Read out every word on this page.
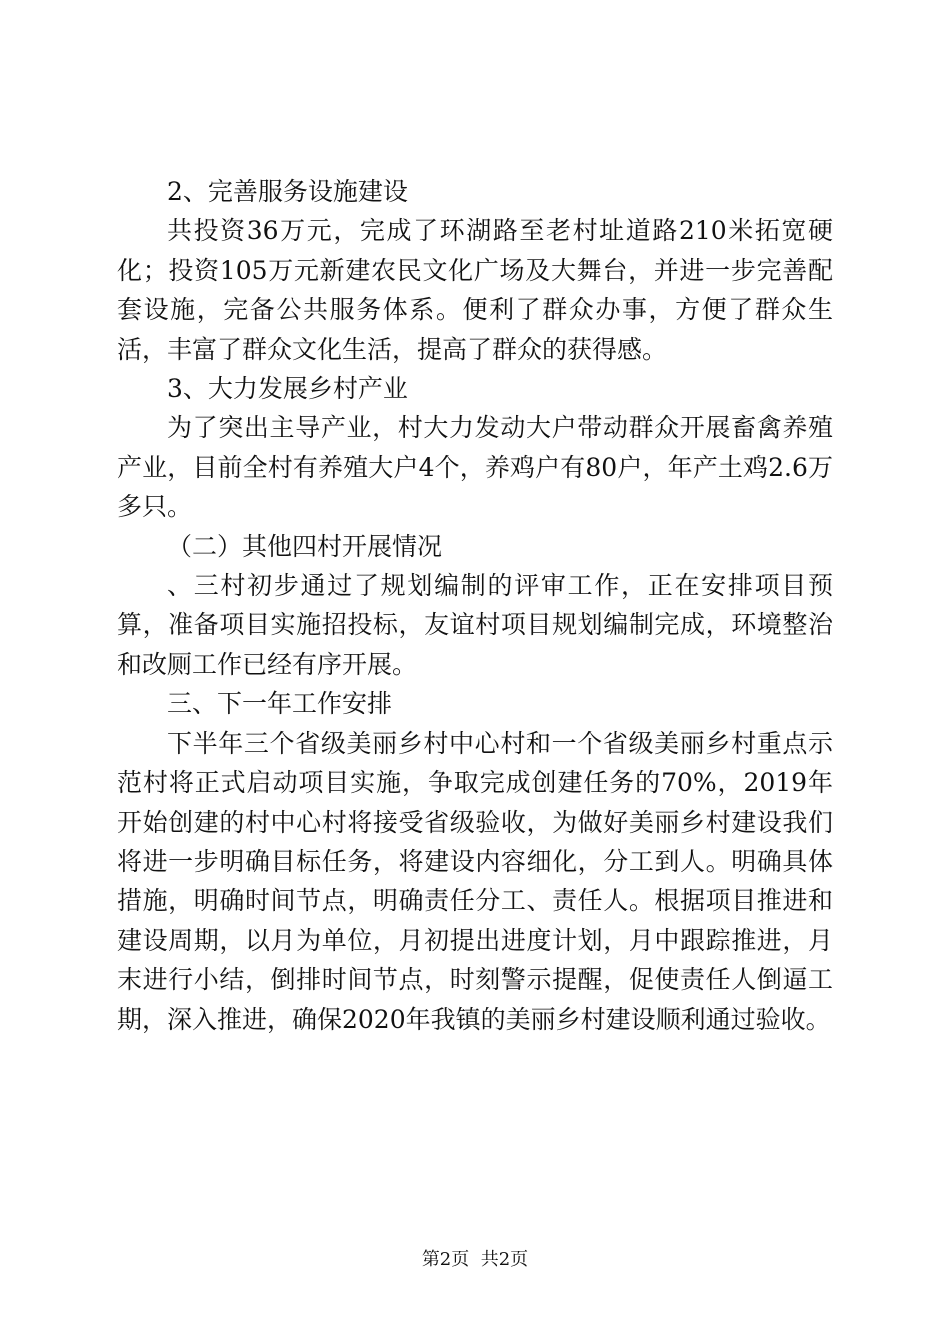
2、完善服务设施建设

共投资36万元，完成了环湖路至老村址道路210米拓宽硬化；投资105万元新建农民文化广场及大舞台，并进一步完善配套设施，完备公共服务体系。便利了群众办事，方便了群众生活，丰富了群众文化生活，提高了群众的获得感。

3、大力发展乡村产业

为了突出主导产业，村大力发动大户带动群众开展畜禽养殖产业，目前全村有养殖大户4个，养鸡户有80户，年产土鸡2.6万多只。

（二）其他四村开展情况

、三村初步通过了规划编制的评审工作，正在安排项目预算，准备项目实施招投标，友谊村项目规划编制完成，环境整治和改厕工作已经有序开展。

三、下一年工作安排

下半年三个省级美丽乡村中心村和一个省级美丽乡村重点示范村将正式启动项目实施，争取完成创建任务的70%，2019年开始创建的村中心村将接受省级验收，为做好美丽乡村建设我们将进一步明确目标任务，将建设内容细化，分工到人。明确具体措施，明确时间节点，明确责任分工、责任人。根据项目推进和建设周期，以月为单位，月初提出进度计划，月中跟踪推进，月末进行小结，倒排时间节点，时刻警示提醒，促使责任人倒逼工期，深入推进，确保2020年我镇的美丽乡村建设顺利通过验收。

第2页 共2页
